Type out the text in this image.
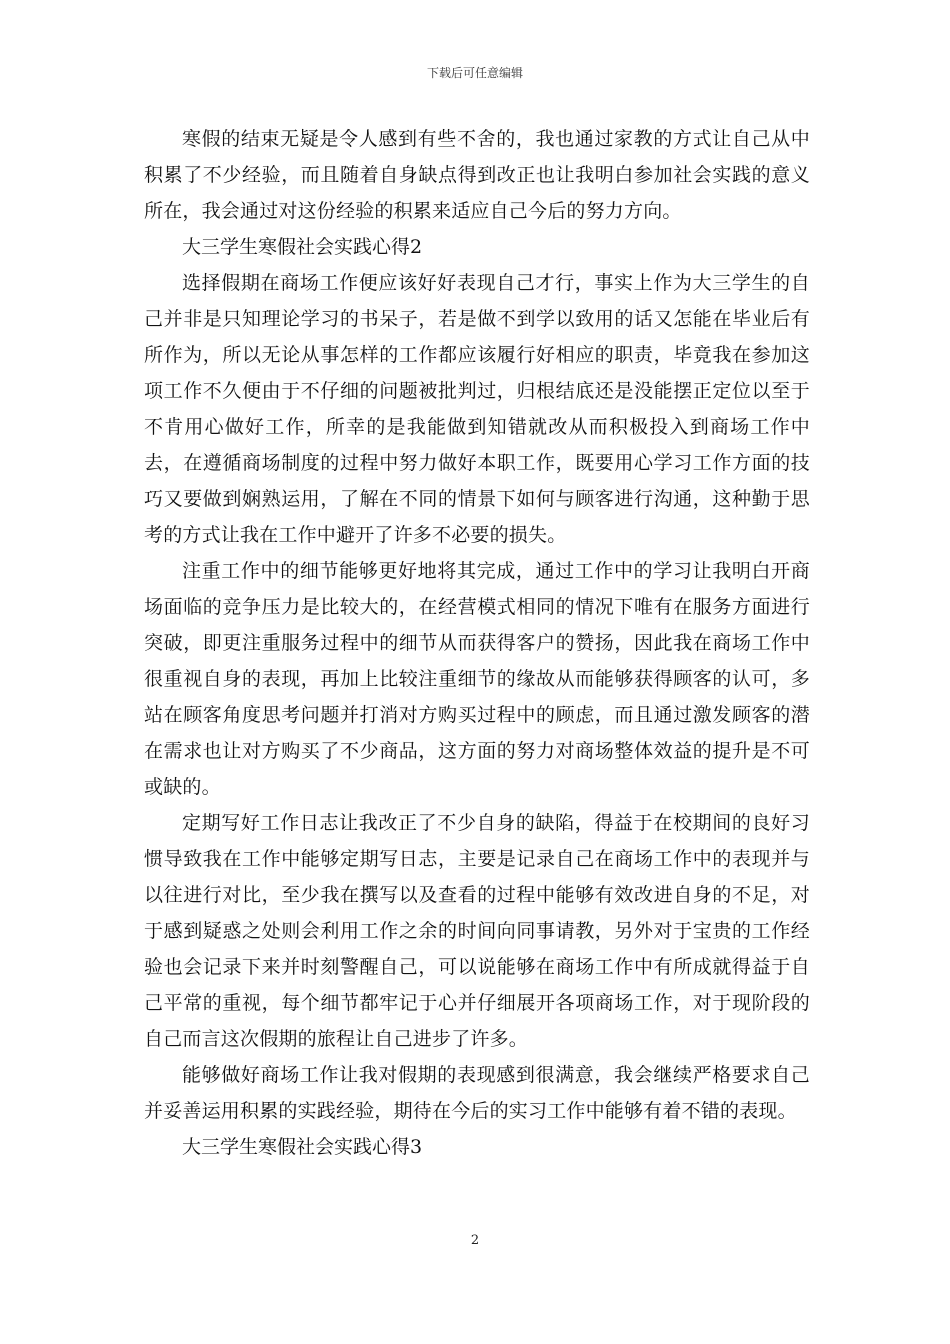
下载后可任意编辑

寒假的结束无疑是令人感到有些不舍的，我也通过家教的方式让自己从中积累了不少经验，而且随着自身缺点得到改正也让我明白参加社会实践的意义所在，我会通过对这份经验的积累来适应自己今后的努力方向。

大三学生寒假社会实践心得2

选择假期在商场工作便应该好好表现自己才行，事实上作为大三学生的自己并非是只知理论学习的书呆子，若是做不到学以致用的话又怎能在毕业后有所作为，所以无论从事怎样的工作都应该履行好相应的职责，毕竟我在参加这项工作不久便由于不仔细的问题被批判过，归根结底还是没能摆正定位以至于不肯用心做好工作，所幸的是我能做到知错就改从而积极投入到商场工作中去，在遵循商场制度的过程中努力做好本职工作，既要用心学习工作方面的技巧又要做到娴熟运用，了解在不同的情景下如何与顾客进行沟通，这种勤于思考的方式让我在工作中避开了许多不必要的损失。

注重工作中的细节能够更好地将其完成，通过工作中的学习让我明白开商场面临的竞争压力是比较大的，在经营模式相同的情况下唯有在服务方面进行突破，即更注重服务过程中的细节从而获得客户的赞扬，因此我在商场工作中很重视自身的表现，再加上比较注重细节的缘故从而能够获得顾客的认可，多站在顾客角度思考问题并打消对方购买过程中的顾虑，而且通过激发顾客的潜在需求也让对方购买了不少商品，这方面的努力对商场整体效益的提升是不可或缺的。

定期写好工作日志让我改正了不少自身的缺陷，得益于在校期间的良好习惯导致我在工作中能够定期写日志，主要是记录自己在商场工作中的表现并与以往进行对比，至少我在撰写以及查看的过程中能够有效改进自身的不足，对于感到疑惑之处则会利用工作之余的时间向同事请教，另外对于宝贵的工作经验也会记录下来并时刻警醒自己，可以说能够在商场工作中有所成就得益于自己平常的重视，每个细节都牢记于心并仔细展开各项商场工作，对于现阶段的自己而言这次假期的旅程让自己进步了许多。

能够做好商场工作让我对假期的表现感到很满意，我会继续严格要求自己并妥善运用积累的实践经验，期待在今后的实习工作中能够有着不错的表现。

大三学生寒假社会实践心得3

2
